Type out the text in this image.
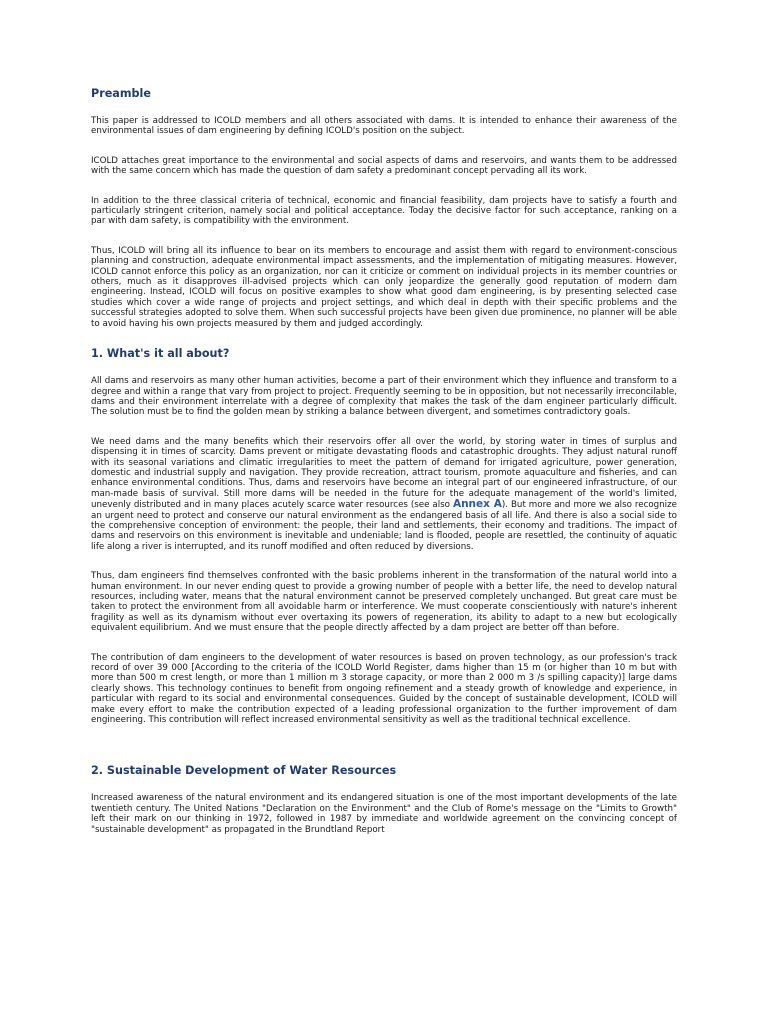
Preamble

This paper is addressed to ICOLD members and all others associated with dams. It is intended to enhance their awareness of the environmental issues of dam engineering by defining ICOLD's position on the subject.

ICOLD attaches great importance to the environmental and social aspects of dams and reservoirs, and wants them to be addressed with the same concern which has made the question of dam safety a predominant concept pervading all its work.

In addition to the three classical criteria of technical, economic and financial feasibility, dam projects have to satisfy a fourth and particularly stringent criterion, namely social and political acceptance. Today the decisive factor for such acceptance, ranking on a par with dam safety, is compatibility with the environment.

Thus, ICOLD will bring all its influence to bear on its members to encourage and assist them with regard to environment-conscious planning and construction, adequate environmental impact assessments, and the implementation of mitigating measures. However, ICOLD cannot enforce this policy as an organization, nor can it criticize or comment on individual projects in its member countries or others, much as it disapproves ill-advised projects which can only jeopardize the generally good reputation of modern dam engineering. Instead, ICOLD will focus on positive examples to show what good dam engineering, is by presenting selected case studies which cover a wide range of projects and project settings, and which deal in depth with their specific problems and the successful strategies adopted to solve them. When such successful projects have been given due prominence, no planner will be able to avoid having his own projects measured by them and judged accordingly.

1. What's it all about?

All dams and reservoirs as many other human activities, become a part of their environment which they influence and transform to a degree and within a range that vary from project to project. Frequently seeming to be in opposition, but not necessarily irreconcilable, dams and their environment interrelate with a degree of complexity that makes the task of the dam engineer particularly difficult. The solution must be to find the golden mean by striking a balance between divergent, and sometimes contradictory goals.

We need dams and the many benefits which their reservoirs offer all over the world, by storing water in times of surplus and dispensing it in times of scarcity. Dams prevent or mitigate devastating floods and catastrophic droughts. They adjust natural runoff with its seasonal variations and climatic irregularities to meet the pattern of demand for irrigated agriculture, power generation, domestic and industrial supply and navigation. They provide recreation, attract tourism, promote aquaculture and fisheries, and can enhance environmental conditions. Thus, dams and reservoirs have become an integral part of our engineered infrastructure, of our man-made basis of survival. Still more dams will be needed in the future for the adequate management of the world's limited, unevenly distributed and in many places acutely scarce water resources (see also Annex A). But more and more we also recognize an urgent need to protect and conserve our natural environment as the endangered basis of all life. And there is also a social side to the comprehensive conception of environment: the people, their land and settlements, their economy and traditions. The impact of dams and reservoirs on this environment is inevitable and undeniable; land is flooded, people are resettled, the continuity of aquatic life along a river is interrupted, and its runoff modified and often reduced by diversions.

Thus, dam engineers find themselves confronted with the basic problems inherent in the transformation of the natural world into a human environment. In our never ending quest to provide a growing number of people with a better life, the need to develop natural resources, including water, means that the natural environment cannot be preserved completely unchanged. But great care must be taken to protect the environment from all avoidable harm or interference. We must cooperate conscientiously with nature's inherent fragility as well as its dynamism without ever overtaxing its powers of regeneration, its ability to adapt to a new but ecologically equivalent equilibrium. And we must ensure that the people directly affected by a dam project are better off than before.

The contribution of dam engineers to the development of water resources is based on proven technology, as our profession's track record of over 39 000 [According to the criteria of the ICOLD World Register, dams higher than 15 m (or higher than 10 m but with more than 500 m crest length, or more than 1 million m 3 storage capacity, or more than 2 000 m 3 /s spilling capacity)] large dams clearly shows. This technology continues to benefit from ongoing refinement and a steady growth of knowledge and experience, in particular with regard to its social and environmental consequences. Guided by the concept of sustainable development, ICOLD will make every effort to make the contribution expected of a leading professional organization to the further improvement of dam engineering. This contribution will reflect increased environmental sensitivity as well as the traditional technical excellence.

2. Sustainable Development of Water Resources

Increased awareness of the natural environment and its endangered situation is one of the most important developments of the late twentieth century. The United Nations "Declaration on the Environment" and the Club of Rome's message on the "Limits to Growth" left their mark on our thinking in 1972, followed in 1987 by immediate and worldwide agreement on the convincing concept of "sustainable development" as propagated in the Brundtland Report
